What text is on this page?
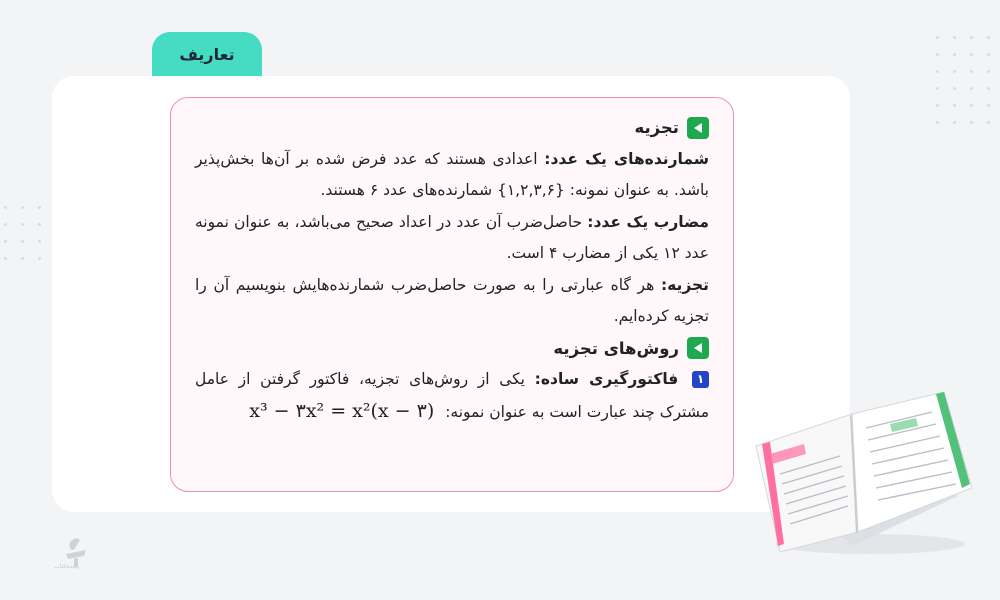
تعاریف
تجزیه

شمارنده‌های یک عدد: اعدادی هستند که عدد فرض شده بر آن‌ها بخش‌پذیر باشد. به عنوان نمونه: {۱,۲,۳,۶} شمارنده‌های عدد ۶ هستند.

مضارب یک عدد: حاصل‌ضرب آن عدد در اعداد صحیح می‌باشد، به عنوان نمونه عدد ۱۲ یکی از مضارب ۴ است.

تجزیه: هر گاه عبارتی را به صورت حاصل‌ضرب شمارنده‌هایش بنویسیم آن را تجزیه کرده‌ایم.

روش‌های تجزیه

۱ فاکتورگیری ساده: یکی از روش‌های تجزیه، فاکتور گرفتن از عامل مشترک چند عبارت است به عنوان نمونه: x³ − ۳x² = x²(x − ۳)

پاینده‌کتاب
